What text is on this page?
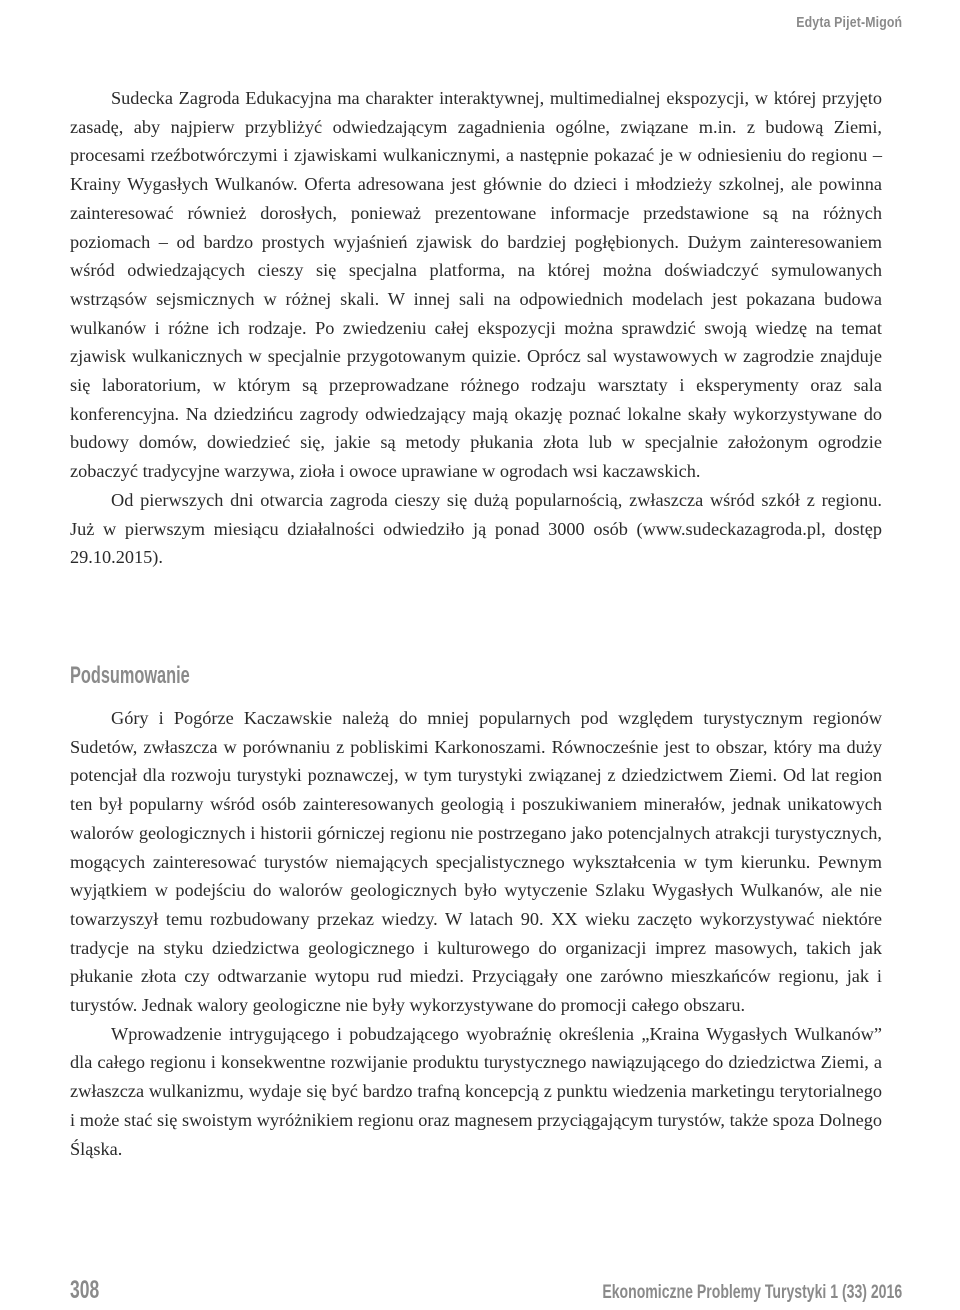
Edyta Pijet-Migoń

Sudecka Zagroda Edukacyjna ma charakter interaktywnej, multimedialnej ekspozycji, w której przyjęto zasadę, aby najpierw przybliżyć odwiedzającym zagadnienia ogólne, związane m.in. z budową Ziemi, procesami rzeźbotwórczymi i zjawiskami wulkanicznymi, a następnie pokazać je w odniesieniu do regionu – Krainy Wygasłych Wulkanów. Oferta adresowana jest głównie do dzieci i młodzieży szkolnej, ale powinna zainteresować również dorosłych, ponieważ prezentowane informacje przedstawione są na różnych poziomach – od bardzo prostych wyjaśnień zjawisk do bardziej pogłębionych. Dużym zainteresowaniem wśród odwiedzających cieszy się specjalna platforma, na której można doświadczyć symulowanych wstrząsów sejsmicznych w różnej skali. W innej sali na odpowiednich modelach jest pokazana budowa wulkanów i różne ich rodzaje. Po zwiedzeniu całej ekspozycji można sprawdzić swoją wiedzę na temat zjawisk wulkanicznych w specjalnie przygotowanym quizie. Oprócz sal wystawowych w zagrodzie znajduje się laboratorium, w którym są przeprowadzane różnego rodzaju warsztaty i eksperymenty oraz sala konferencyjna. Na dziedzińcu zagrody odwiedzający mają okazję poznać lokalne skały wykorzystywane do budowy domów, dowiedzieć się, jakie są metody płukania złota lub w specjalnie założonym ogrodzie zobaczyć tradycyjne warzywa, zioła i owoce uprawiane w ogrodach wsi kaczawskich.

Od pierwszych dni otwarcia zagroda cieszy się dużą popularnością, zwłaszcza wśród szkół z regionu. Już w pierwszym miesiącu działalności odwiedziło ją ponad 3000 osób (www.sudeckazagroda.pl, dostęp 29.10.2015).

Podsumowanie

Góry i Pogórze Kaczawskie należą do mniej popularnych pod względem turystycznym regionów Sudetów, zwłaszcza w porównaniu z pobliskimi Karkonoszami. Równocześnie jest to obszar, który ma duży potencjał dla rozwoju turystyki poznawczej, w tym turystyki związanej z dziedzictwem Ziemi. Od lat region ten był popularny wśród osób zainteresowanych geologią i poszukiwaniem minerałów, jednak unikatowych walorów geologicznych i historii górniczej regionu nie postrzegano jako potencjalnych atrakcji turystycznych, mogących zainteresować turystów niemających specjalistycznego wykształcenia w tym kierunku. Pewnym wyjątkiem w podejściu do walorów geologicznych było wytyczenie Szlaku Wygasłych Wulkanów, ale nie towarzyszył temu rozbudowany przekaz wiedzy. W latach 90. XX wieku zaczęto wykorzystywać niektóre tradycje na styku dziedzictwa geologicznego i kulturowego do organizacji imprez masowych, takich jak płukanie złota czy odtwarzanie wytopu rud miedzi. Przyciągały one zarówno mieszkańców regionu, jak i turystów. Jednak walory geologiczne nie były wykorzystywane do promocji całego obszaru.

Wprowadzenie intrygującego i pobudzającego wyobraźnię określenia „Kraina Wygasłych Wulkanów” dla całego regionu i konsekwentne rozwijanie produktu turystycznego nawiązującego do dziedzictwa Ziemi, a zwłaszcza wulkanizmu, wydaje się być bardzo trafną koncepcją z punktu wiedzenia marketingu terytorialnego i może stać się swoistym wyróżnikiem regionu oraz magnesem przyciągającym turystów, także spoza Dolnego Śląska.

308	Ekonomiczne Problemy Turystyki 1 (33) 2016
